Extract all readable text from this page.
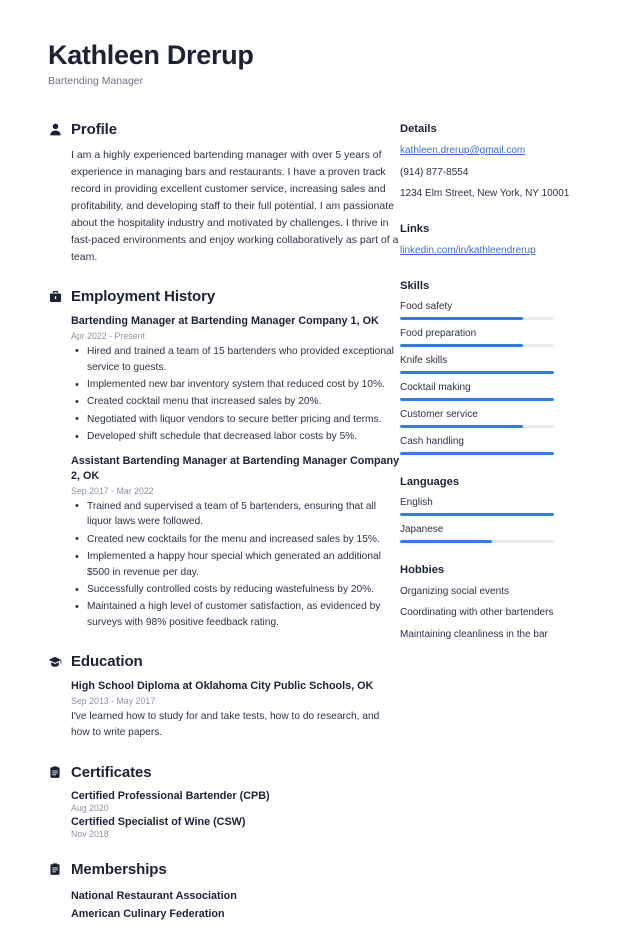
Kathleen Drerup
Bartending Manager
Profile

I am a highly experienced bartending manager with over 5 years of experience in managing bars and restaurants. I have a proven track record in providing excellent customer service, increasing sales and profitability, and developing staff to their full potential. I am passionate about the hospitality industry and motivated by challenges. I thrive in fast-paced environments and enjoy working collaboratively as part of a team.

Employment History
Bartending Manager at Bartending Manager Company 1, OK
Apr 2022 - Present
• Hired and trained a team of 15 bartenders who provided exceptional service to guests.
• Implemented new bar inventory system that reduced cost by 10%.
• Created cocktail menu that increased sales by 20%.
• Negotiated with liquor vendors to secure better pricing and terms.
• Developed shift schedule that decreased labor costs by 5%.
Assistant Bartending Manager at Bartending Manager Company 2, OK
Sep 2017 - Mar 2022
• Trained and supervised a team of 5 bartenders, ensuring that all liquor laws were followed.
• Created new cocktails for the menu and increased sales by 15%.
• Implemented a happy hour special which generated an additional $500 in revenue per day.
• Successfully controlled costs by reducing wastefulness by 20%.
• Maintained a high level of customer satisfaction, as evidenced by surveys with 98% positive feedback rating.
Education
High School Diploma at Oklahoma City Public Schools, OK
Sep 2013 - May 2017
I've learned how to study for and take tests, how to do research, and how to write papers.
Certificates
Certified Professional Bartender (CPB)
Aug 2020
Certified Specialist of Wine (CSW)
Nov 2018
Memberships
National Restaurant Association
American Culinary Federation
Details
kathleen.drerup@gmail.com
(914) 877-8554
1234 Elm Street, New York, NY 10001
Links
linkedin.com/in/kathleendrerup
Skills
Food safety
Food preparation
Knife skills
Cocktail making
Customer service
Cash handling
Languages
English
Japanese
Hobbies
Organizing social events
Coordinating with other bartenders
Maintaining cleanliness in the bar
